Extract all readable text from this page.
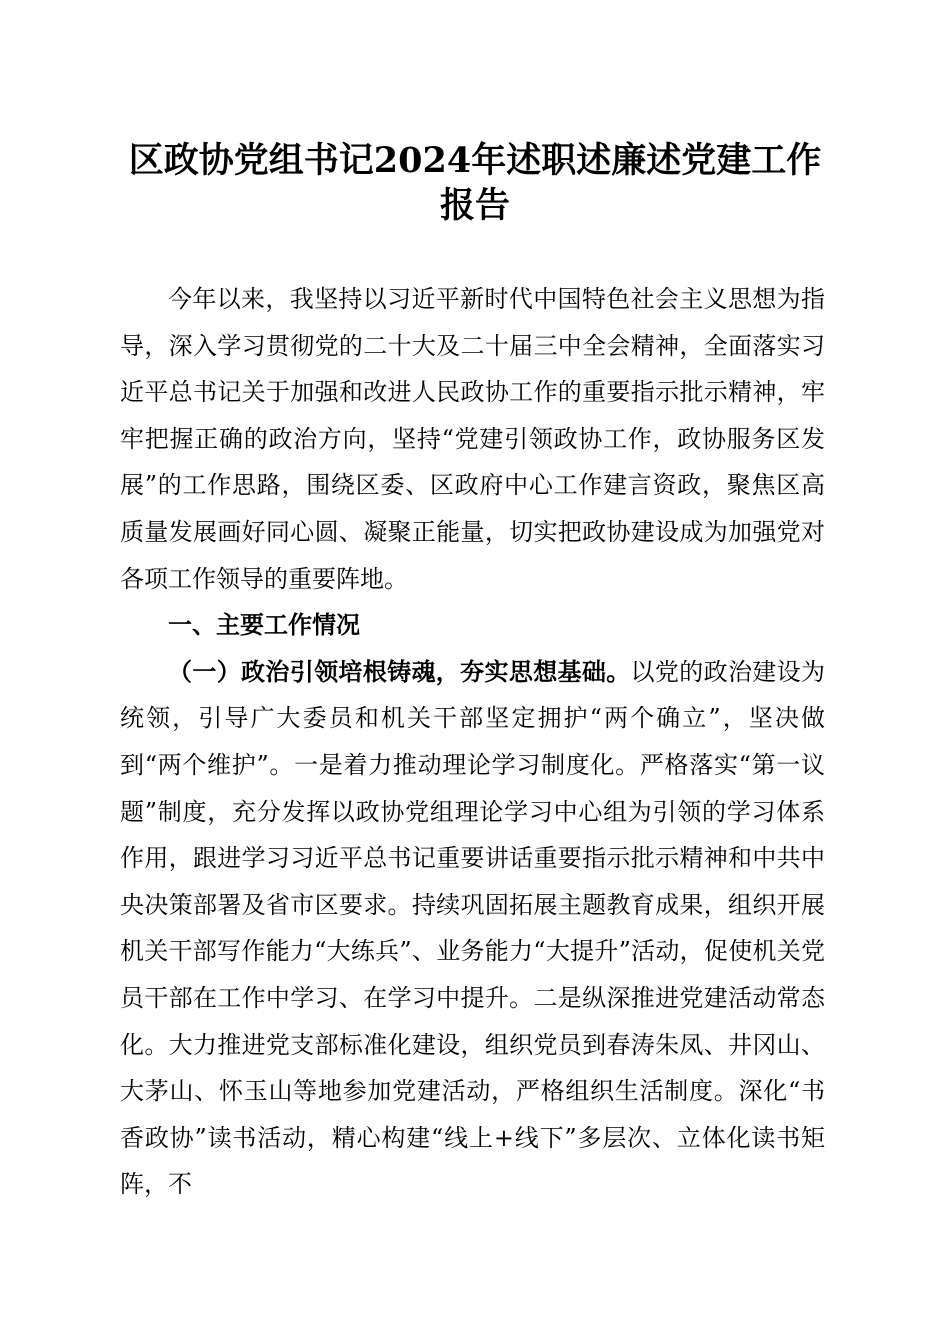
区政协党组书记2024年述职述廉述党建工作
报告

今年以来，我坚持以习近平新时代中国特色社会主义思想为指导，深入学习贯彻党的二十大及二十届三中全会精神，全面落实习近平总书记关于加强和改进人民政协工作的重要指示批示精神，牢牢把握正确的政治方向，坚持“党建引领政协工作，政协服务区发展”的工作思路，围绕区委、区政府中心工作建言资政，聚焦区高质量发展画好同心圆、凝聚正能量，切实把政协建设成为加强党对各项工作领导的重要阵地。

一、主要工作情况

（一）政治引领培根铸魂，夯实思想基础。以党的政治建设为统领，引导广大委员和机关干部坚定拥护“两个确立”，坚决做到“两个维护”。一是着力推动理论学习制度化。严格落实“第一议题”制度，充分发挥以政协党组理论学习中心组为引领的学习体系作用，跟进学习习近平总书记重要讲话重要指示批示精神和中共中央决策部署及省市区要求。持续巩固拓展主题教育成果，组织开展机关干部写作能力“大练兵”、业务能力“大提升”活动，促使机关党员干部在工作中学习、在学习中提升。二是纵深推进党建活动常态化。大力推进党支部标准化建设，组织党员到春涛朱凤、井冈山、大茅山、怀玉山等地参加党建活动，严格组织生活制度。深化“书香政协”读书活动，精心构建“线上+线下”多层次、立体化读书矩阵，不
